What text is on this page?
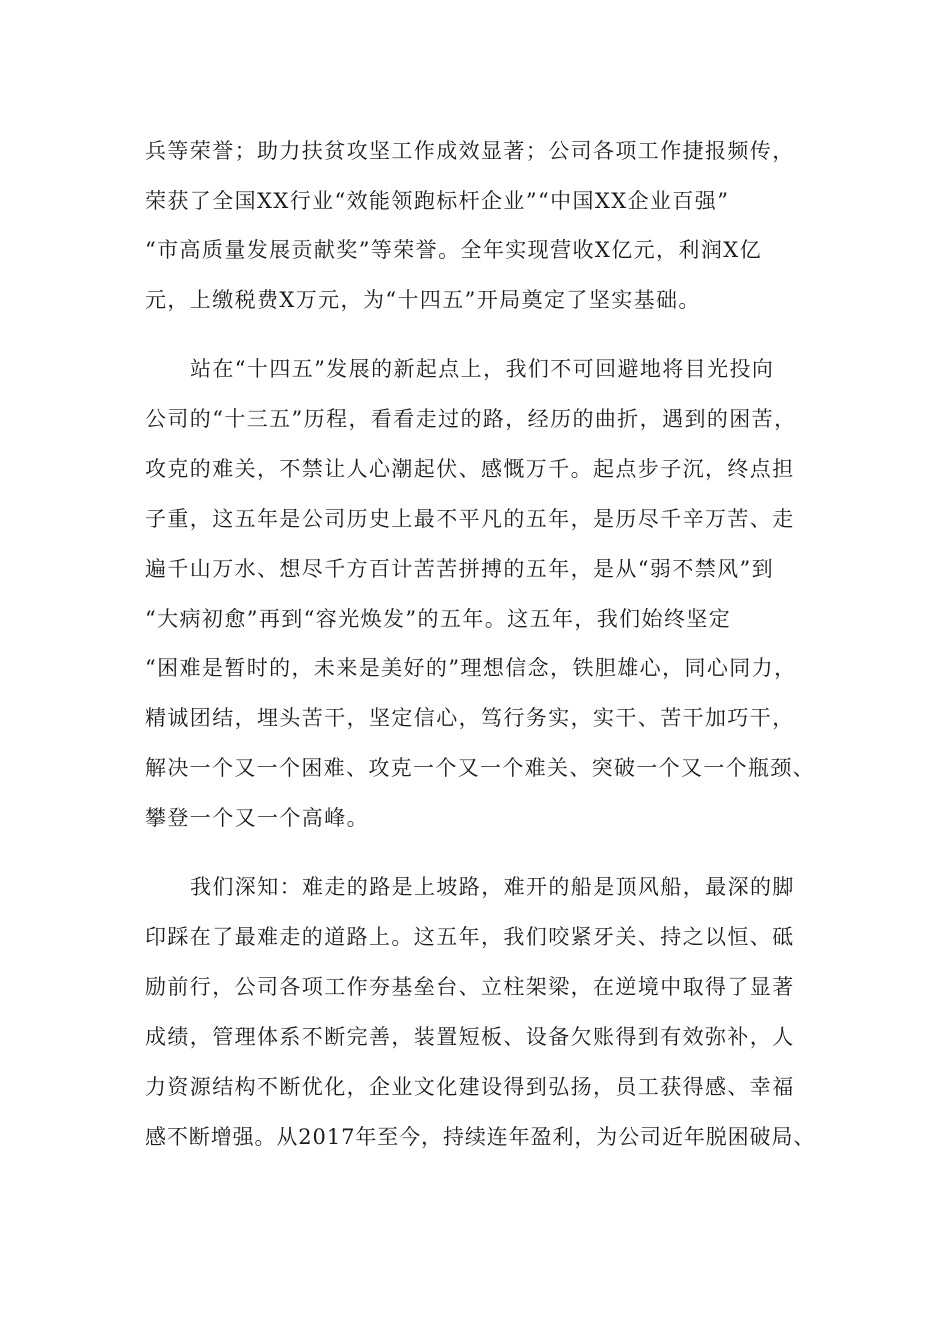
兵等荣誉；助力扶贫攻坚工作成效显著；公司各项工作捷报频传，
荣获了全国XX行业“效能领跑标杆企业”“中国XX企业百强”
“市高质量发展贡献奖”等荣誉。全年实现营收X亿元，利润X亿
元，上缴税费X万元，为“十四五”开局奠定了坚实基础。
站在“十四五”发展的新起点上，我们不可回避地将目光投向
公司的“十三五”历程，看看走过的路，经历的曲折，遇到的困苦，
攻克的难关，不禁让人心潮起伏、感慨万千。起点步子沉，终点担
子重，这五年是公司历史上最不平凡的五年，是历尽千辛万苦、走
遍千山万水、想尽千方百计苦苦拼搏的五年，是从“弱不禁风”到
“大病初愈”再到“容光焕发”的五年。这五年，我们始终坚定
“困难是暂时的，未来是美好的”理想信念，铁胆雄心，同心同力，
精诚团结，埋头苦干，坚定信心，笃行务实，实干、苦干加巧干，
解决一个又一个困难、攻克一个又一个难关、突破一个又一个瓶颈、
攀登一个又一个高峰。
我们深知：难走的路是上坡路，难开的船是顶风船，最深的脚
印踩在了最难走的道路上。这五年，我们咬紧牙关、持之以恒、砥
励前行，公司各项工作夯基垒台、立柱架梁，在逆境中取得了显著
成绩，管理体系不断完善，装置短板、设备欠账得到有效弥补，人
力资源结构不断优化，企业文化建设得到弘扬，员工获得感、幸福
感不断增强。从2017年至今，持续连年盈利，为公司近年脱困破局、
